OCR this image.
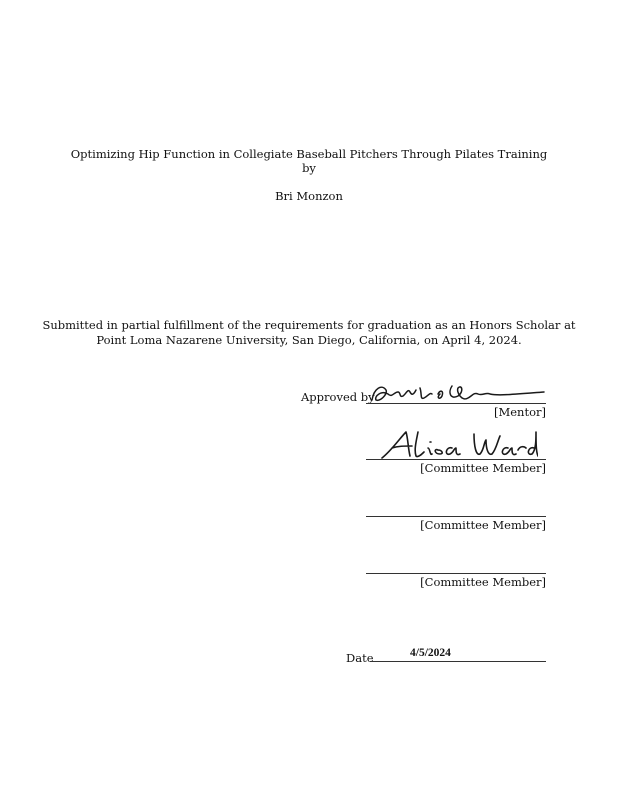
Optimizing Hip Function in Collegiate Baseball Pitchers Through Pilates Training
by
Bri Monzon
Submitted in partial fulfillment of the requirements for graduation as an Honors Scholar at
Point Loma Nazarene University, San Diego, California, on April 4, 2024.
Approved by
[Mentor]
[Committee Member]
[Committee Member]
[Committee Member]
Date	4/5/2024
